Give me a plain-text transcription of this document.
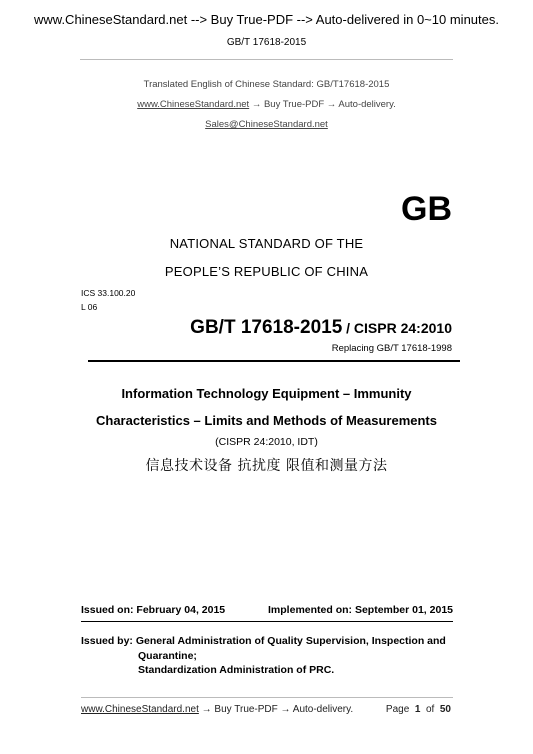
www.ChineseStandard.net --> Buy True-PDF --> Auto-delivered in 0~10 minutes.
GB/T 17618-2015
Translated English of Chinese Standard: GB/T17618-2015
www.ChineseStandard.net → Buy True-PDF → Auto-delivery.
Sales@ChineseStandard.net
GB
NATIONAL STANDARD OF THE
PEOPLE’S REPUBLIC OF CHINA
ICS 33.100.20
L 06
GB/T 17618-2015 / CISPR 24:2010
Replacing GB/T 17618-1998
Information Technology Equipment – Immunity
Characteristics – Limits and Methods of Measurements
(CISPR 24:2010, IDT)
信息技术设备 抗扰度 限值和测量方法
Issued on: February 04, 2015	Implemented on: September 01, 2015
Issued by: General Administration of Quality Supervision, Inspection and
Quarantine;
Standardization Administration of PRC.
www.ChineseStandard.net → Buy True-PDF → Auto-delivery.	Page 1 of 50
